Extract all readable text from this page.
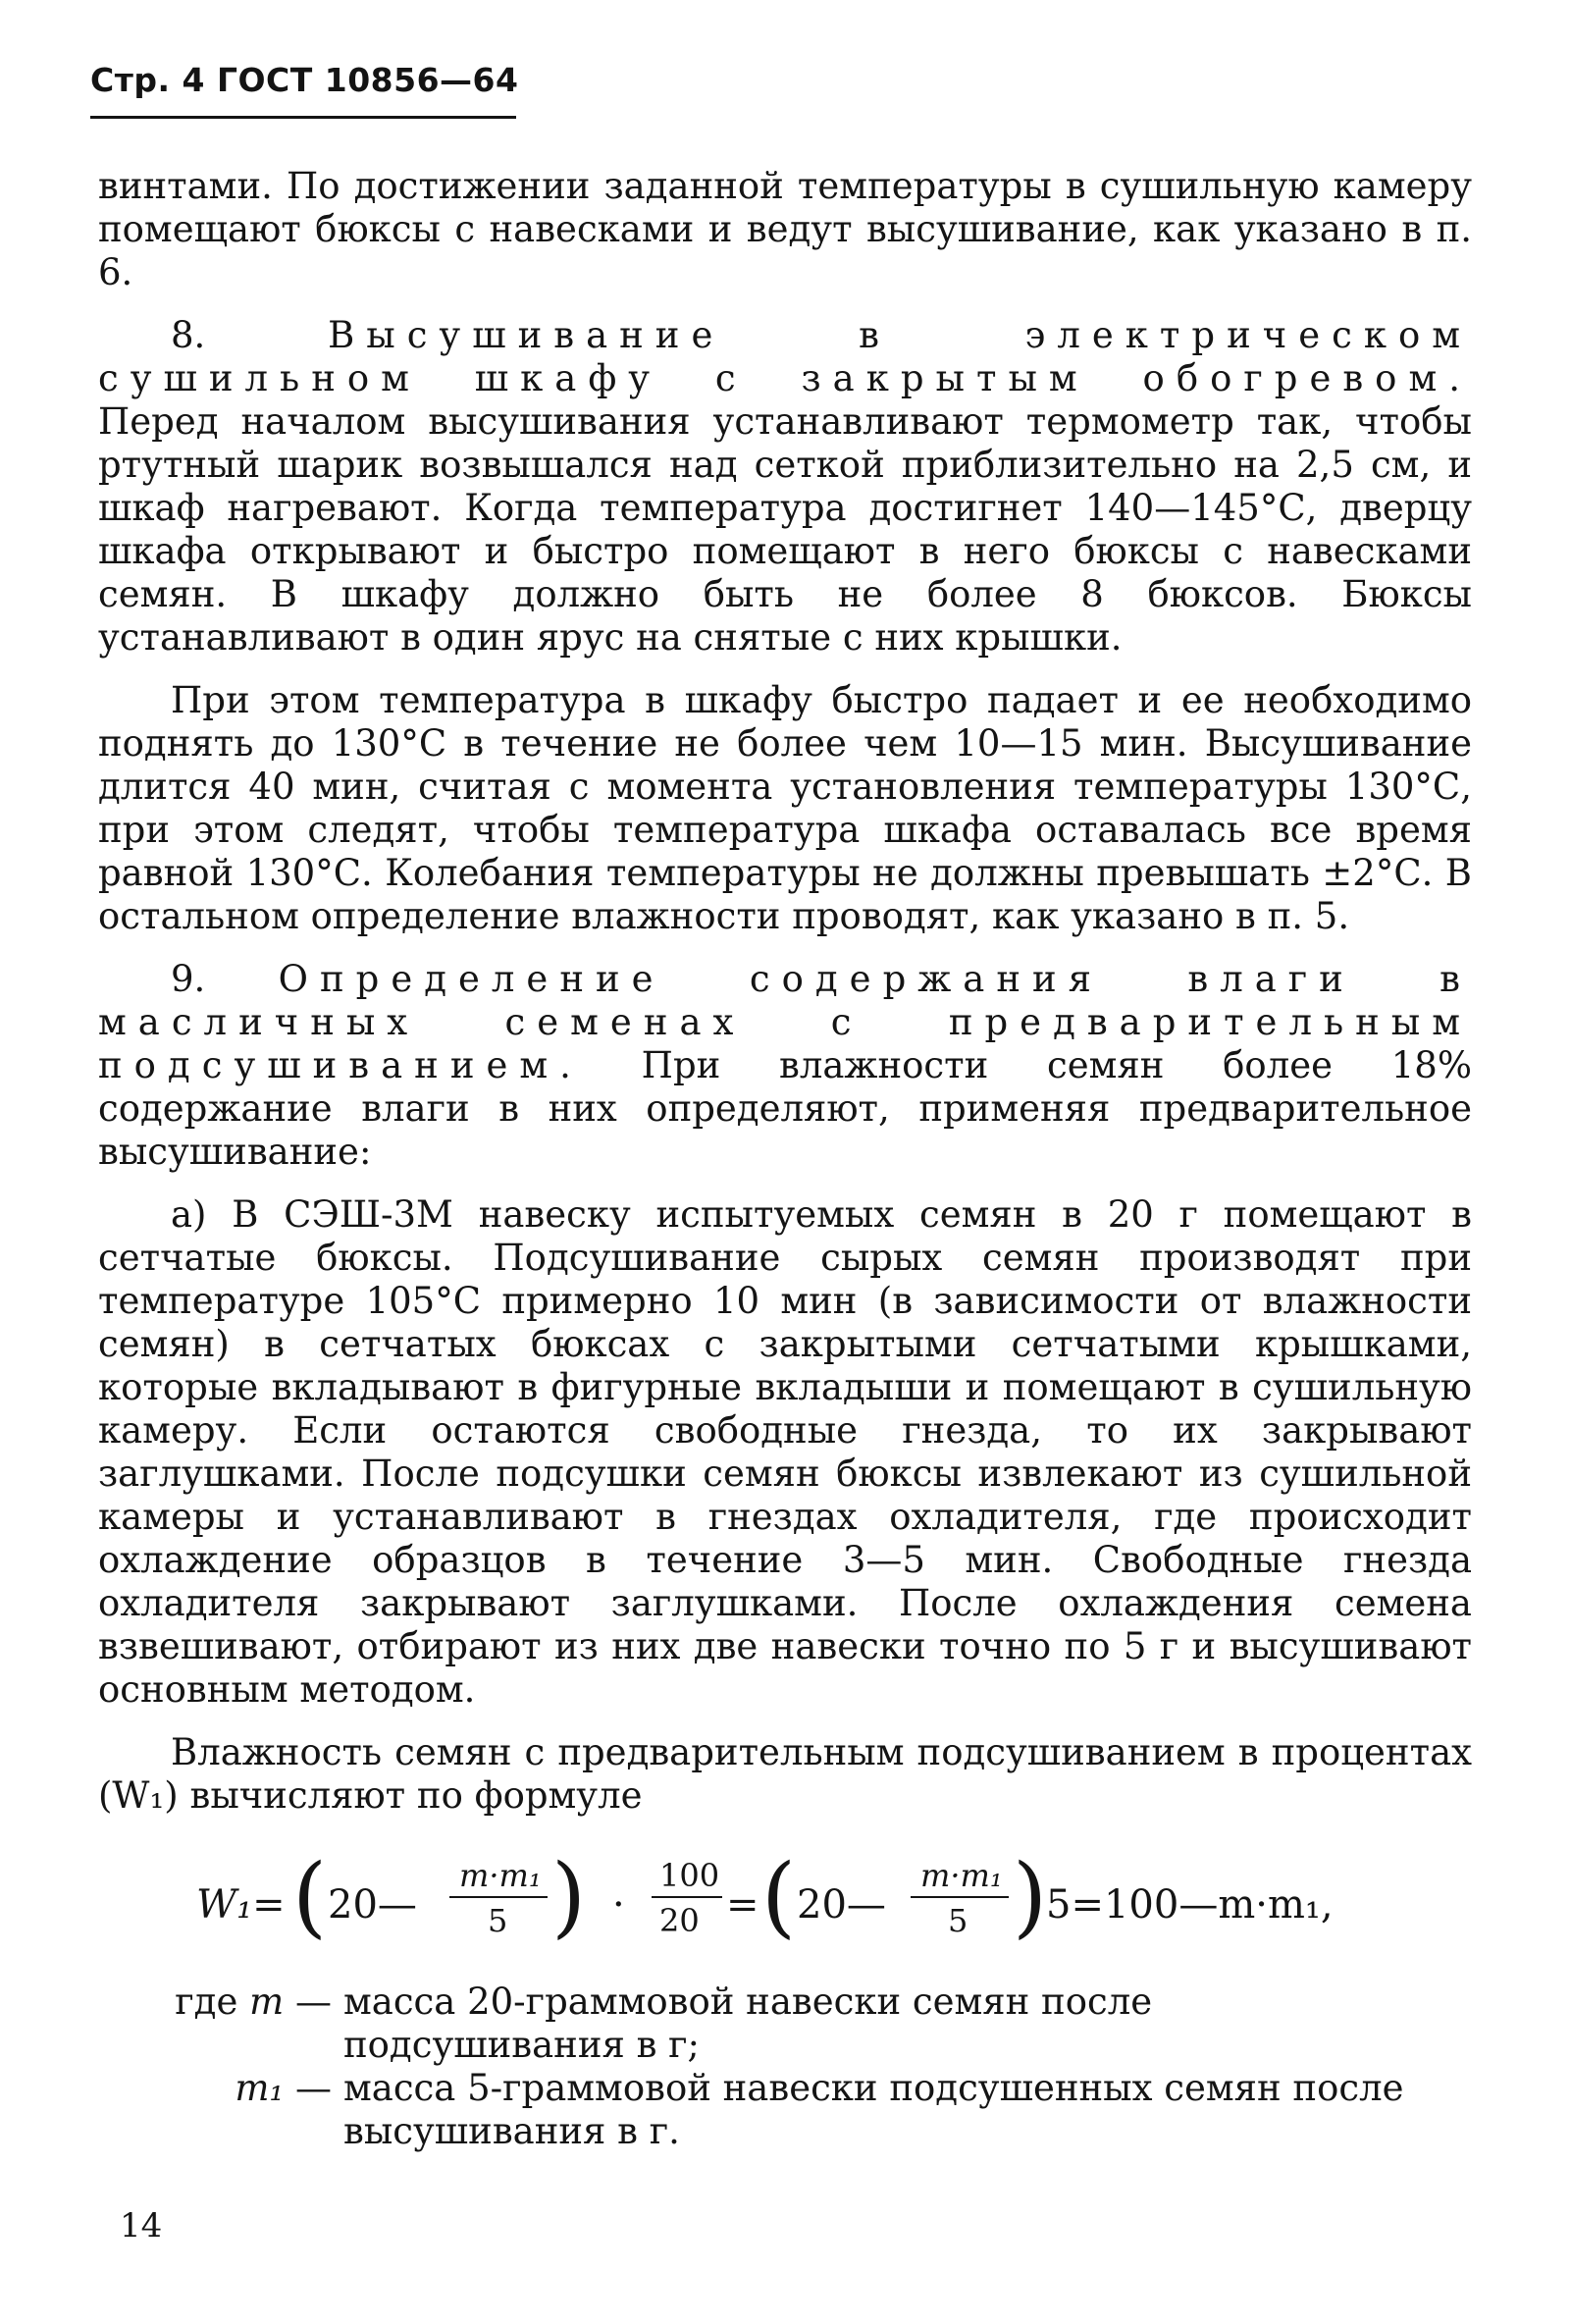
Стр. 4 ГОСТ 10856—64

винтами. По достижении заданной температуры в сушильную камеру помещают бюксы с навесками и ведут высушивание, как указано в п. 6.

8.	Высушивание в электрическом сушильном шкафу с закрытым обогревом. Перед началом высушивания устанавливают термометр так, чтобы ртутный шарик возвышался над сеткой приблизительно на 2,5 см, и шкаф нагревают. Когда температура достигнет 140—145°С, дверцу шкафа открывают и быстро помещают в него бюксы с навесками семян. В шкафу должно быть не более 8 бюксов. Бюксы устанавливают в один ярус на снятые с них крышки.

При этом температура в шкафу быстро падает и ее необходимо поднять до 130°С в течение не более чем 10—15 мин. Высушивание длится 40 мин, считая с момента установления температуры 130°С, при этом следят, чтобы температура шкафа оставалась все время равной 130°С. Колебания температуры не должны превышать ±2°С. В остальном определение влажности проводят, как указано в п. 5.

9. Определение содержания влаги в масличных семенах с предварительным подсушиванием. При влажности семян более 18% содержание влаги в них определяют, применяя предварительное высушивание:

а) В СЭШ-3М навеску испытуемых семян в 20 г помещают в сетчатые бюксы. Подсушивание сырых семян производят при температуре 105°С примерно 10 мин (в зависимости от влажности семян) в сетчатых бюксах с закрытыми сетчатыми крышками, которые вкладывают в фигурные вкладыши и помещают в сушильную камеру. Если остаются свободные гнезда, то их закрывают заглушками. После подсушки семян бюксы извлекают из сушильной камеры и устанавливают в гнездах охладителя, где происходит охлаждение образцов в течение 3—5 мин. Свободные гнезда охладителя закрывают заглушками. После охлаждения семена взвешивают, отбирают из них две навески точно по 5 г и высушивают основным методом.

Влажность семян с предварительным подсушиванием в процентах (W₁) вычисляют по формуле

W₁= ( 20—
m·m₁
5 ) ·
100
20 = ( 20—
m·m₁
5 )
5=100—m·m₁,
где m — масса 20-граммовой навески семян после подсушивания в г;
m₁ — масса 5-граммовой навески подсушенных семян после высушивания в г.
14
